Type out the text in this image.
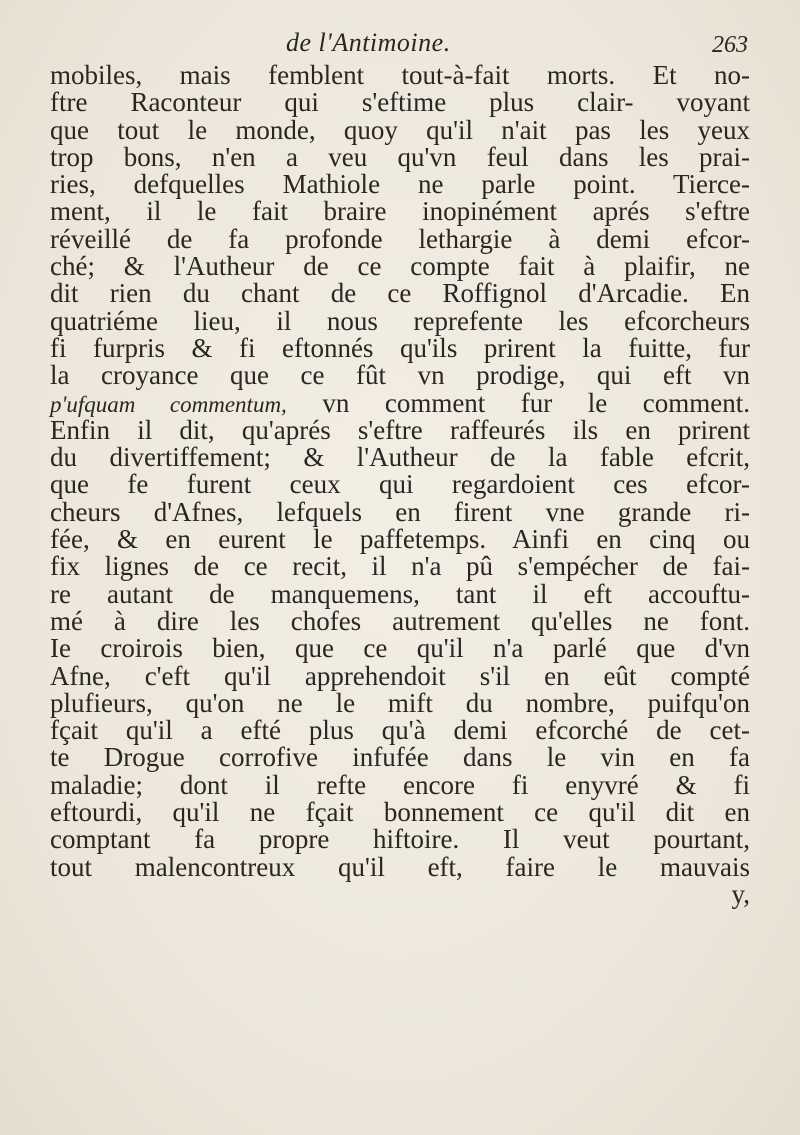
de l'Antimoine.	263
mobiles, mais femblent tout-à-fait morts. Et no-
ftre Raconteur qui s'eftime plus clair- voyant
que tout le monde, quoy qu'il n'ait pas les yeux
trop bons, n'en a veu qu'vn feul dans les prai-
ries, defquelles Mathiole ne parle point. Tierce-
ment, il le fait braire inopinément aprés s'eftre
réveillé de fa profonde lethargie à demi efcor-
ché; & l'Autheur de ce compte fait à plaifir, ne
dit rien du chant de ce Roffignol d'Arcadie. En
quatriéme lieu, il nous reprefente les efcorcheurs
fi furpris & fi eftonnés qu'ils prirent la fuitte, fur
la croyance que ce fût vn prodige, qui eft vn
p'ufquam commentum, vn comment fur le comment.
Enfin il dit, qu'aprés s'eftre raffeurés ils en prirent
du divertiffement; & l'Autheur de la fable efcrit,
que fe furent ceux qui regardoient ces efcor-
cheurs d'Afnes, lefquels en firent vne grande ri-
fée, & en eurent le paffetemps. Ainfi en cinq ou
fix lignes de ce recit, il n'a pû s'empécher de fai-
re autant de manquemens, tant il eft accouftu-
mé à dire les chofes autrement qu'elles ne font.
Ie croirois bien, que ce qu'il n'a parlé que d'vn
Afne, c'eft qu'il apprehendoit s'il en eût compté
plufieurs, qu'on ne le mift du nombre, puifqu'on
fçait qu'il a efté plus qu'à demi efcorché de cet-
te Drogue corrofive infufée dans le vin en fa
maladie; dont il refte encore fi enyvré & fi
eftourdi, qu'il ne fçait bonnement ce qu'il dit en
comptant fa propre hiftoire. Il veut pourtant,
tout malencontreux qu'il eft, faire le mauvais
y,
